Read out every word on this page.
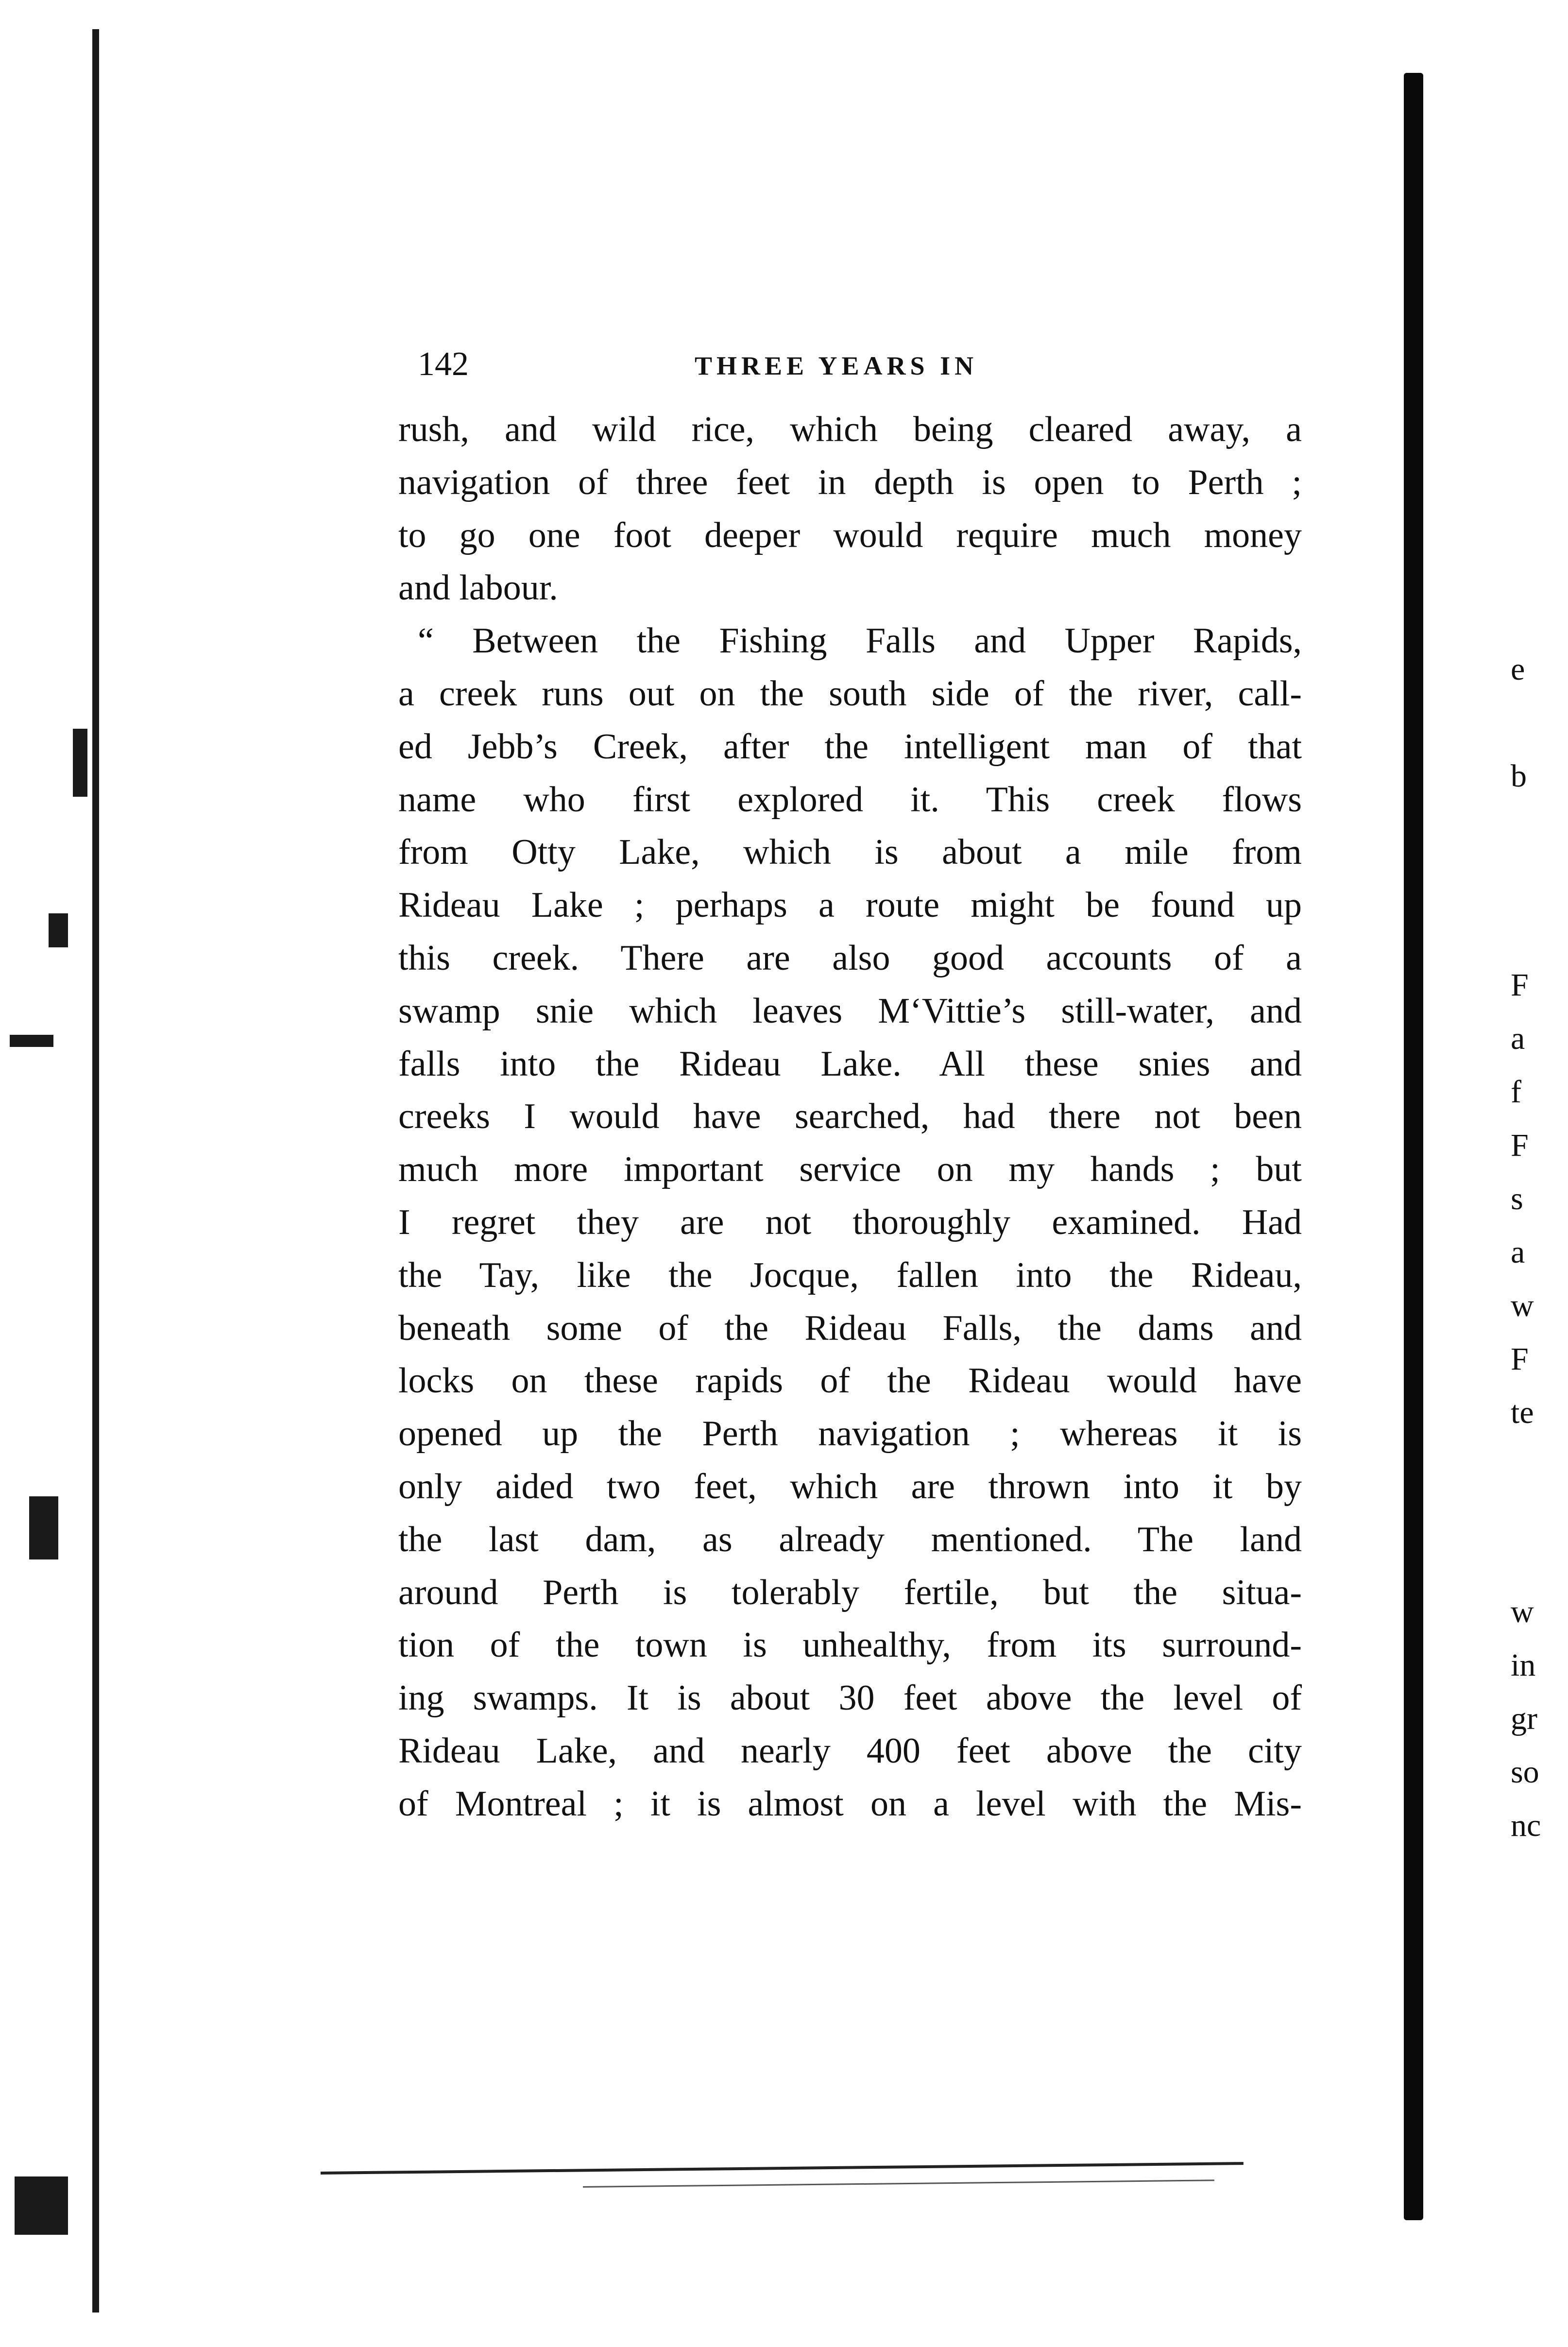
142	THREE YEARS IN
rush, and wild rice, which being cleared away, a
navigation of three feet in depth is open to Perth ;
to go one foot deeper would require much money
and labour.
“ Between the Fishing Falls and Upper Rapids,
a creek runs out on the south side of the river, call-
ed Jebb’s Creek, after the intelligent man of that
name who first explored it. This creek flows
from Otty Lake, which is about a mile from
Rideau Lake ; perhaps a route might be found up
this creek. There are also good accounts of a
swamp snie which leaves M‘Vittie’s still-water, and
falls into the Rideau Lake. All these snies and
creeks I would have searched, had there not been
much more important service on my hands ; but
I regret they are not thoroughly examined. Had
the Tay, like the Jocque, fallen into the Rideau,
beneath some of the Rideau Falls, the dams and
locks on these rapids of the Rideau would have
opened up the Perth navigation ; whereas it is
only aided two feet, which are thrown into it by
the last dam, as already mentioned. The land
around Perth is tolerably fertile, but the situa-
tion of the town is unhealthy, from its surround-
ing swamps. It is about 30 feet above the level of
Rideau Lake, and nearly 400 feet above the city
of Montreal ; it is almost on a level with the Mis-
e
b
F
a
f
F
s
a
w
F
te
w
in
gr
so
nc
